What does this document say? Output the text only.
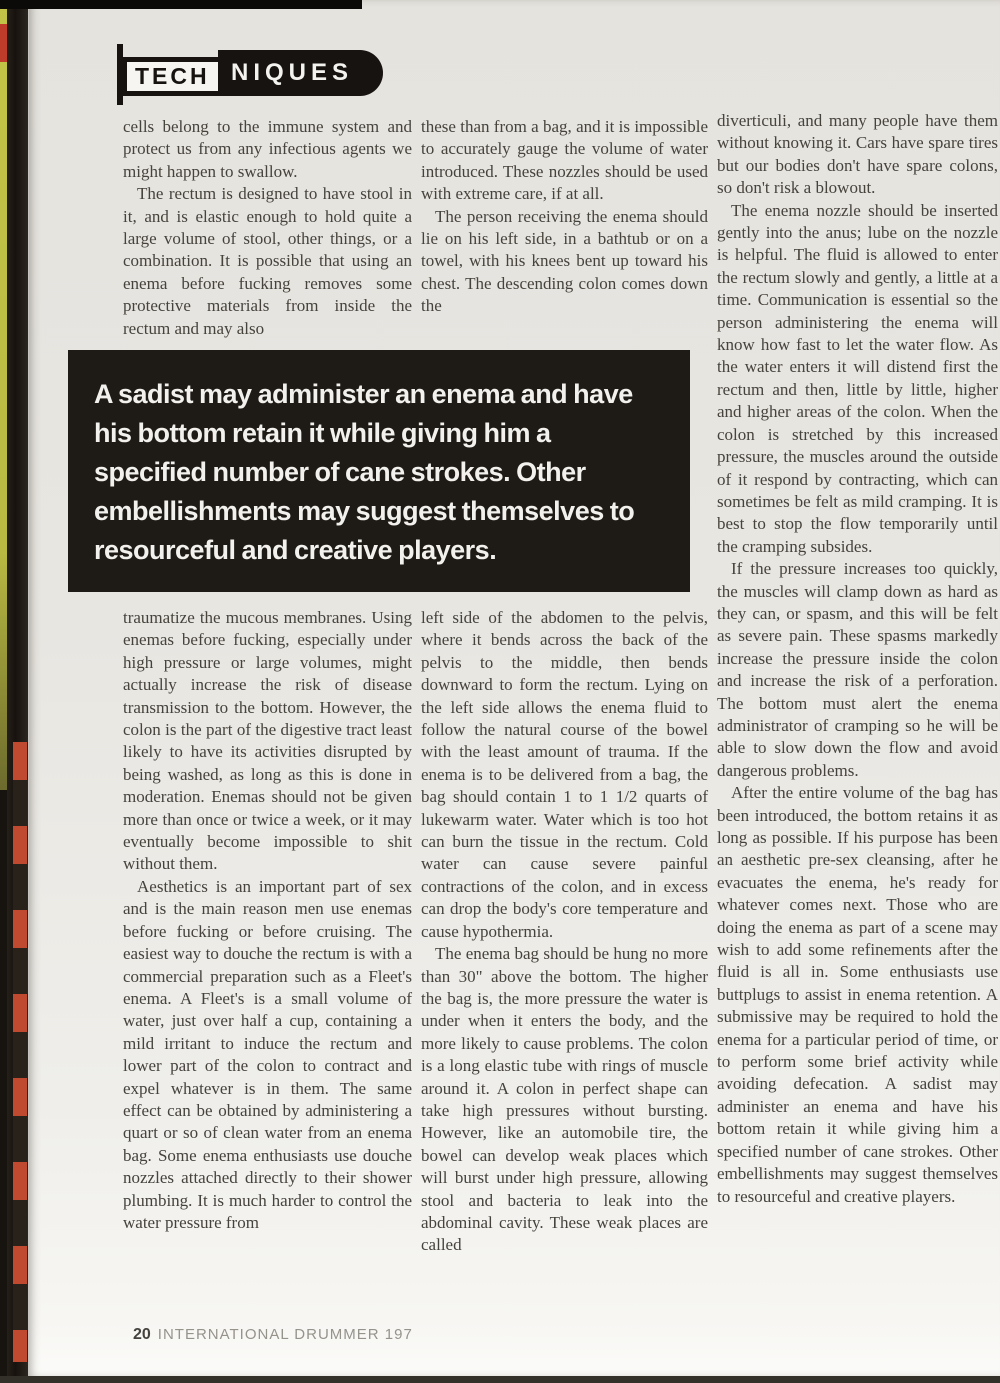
TECH NIQUES

cells belong to the immune system and protect us from any infectious agents we might happen to swallow.

The rectum is designed to have stool in it, and is elastic enough to hold quite a large volume of stool, other things, or a combination. It is possible that using an enema before fucking removes some protective materials from inside the rectum and may also

these than from a bag, and it is impossible to accurately gauge the volume of water introduced. These nozzles should be used with extreme care, if at all.

The person receiving the enema should lie on his left side, in a bathtub or on a towel, with his knees bent up toward his chest. The descending colon comes down the

diverticuli, and many people have them without knowing it. Cars have spare tires but our bodies don't have spare colons, so don't risk a blowout.

The enema nozzle should be inserted gently into the anus; lube on the nozzle is helpful. The fluid is allowed to enter the rectum slowly and gently, a little at a time. Communication is essential so the person administering the enema will know how fast to let the water flow. As the water enters it will distend first the rectum and then, little by little, higher and higher areas of the colon. When the colon is stretched by this increased pressure, the muscles around the outside of it respond by contracting, which can sometimes be felt as mild cramping. It is best to stop the flow temporarily until the cramping subsides.

If the pressure increases too quickly, the muscles will clamp down as hard as they can, or spasm, and this will be felt as severe pain. These spasms markedly increase the pressure inside the colon and increase the risk of a perforation. The bottom must alert the enema administrator of cramping so he will be able to slow down the flow and avoid dangerous problems.

After the entire volume of the bag has been introduced, the bottom retains it as long as possible. If his purpose has been an aesthetic pre-sex cleansing, after he evacuates the enema, he's ready for whatever comes next. Those who are doing the enema as part of a scene may wish to add some refinements after the fluid is all in. Some enthusiasts use buttplugs to assist in enema retention. A submissive may be required to hold the enema for a particular period of time, or to perform some brief activity while avoiding defecation. A sadist may administer an enema and have his bottom retain it while giving him a specified number of cane strokes. Other embellishments may suggest themselves to resourceful and creative players.

A sadist may administer an enema and have his bottom retain it while giving him a specified number of cane strokes. Other embellishments may suggest themselves to resourceful and creative players.

traumatize the mucous membranes. Using enemas before fucking, especially under high pressure or large volumes, might actually increase the risk of disease transmission to the bottom. However, the colon is the part of the digestive tract least likely to have its activities disrupted by being washed, as long as this is done in moderation. Enemas should not be given more than once or twice a week, or it may eventually become impossible to shit without them.

Aesthetics is an important part of sex and is the main reason men use enemas before fucking or before cruising. The easiest way to douche the rectum is with a commercial preparation such as a Fleet's enema. A Fleet's is a small volume of water, just over half a cup, containing a mild irritant to induce the rectum and lower part of the colon to contract and expel whatever is in them. The same effect can be obtained by administering a quart or so of clean water from an enema bag. Some enema enthusiasts use douche nozzles attached directly to their shower plumbing. It is much harder to control the water pressure from

left side of the abdomen to the pelvis, where it bends across the back of the pelvis to the middle, then bends downward to form the rectum. Lying on the left side allows the enema fluid to follow the natural course of the bowel with the least amount of trauma. If the enema is to be delivered from a bag, the bag should contain 1 to 1 1/2 quarts of lukewarm water. Water which is too hot can burn the tissue in the rectum. Cold water can cause severe painful contractions of the colon, and in excess can drop the body's core temperature and cause hypothermia.

The enema bag should be hung no more than 30" above the bottom. The higher the bag is, the more pressure the water is under when it enters the body, and the more likely to cause problems. The colon is a long elastic tube with rings of muscle around it. A colon in perfect shape can take high pressures without bursting. However, like an automobile tire, the bowel can develop weak places which will burst under high pressure, allowing stool and bacteria to leak into the abdominal cavity. These weak places are called

20 INTERNATIONAL DRUMMER 197
